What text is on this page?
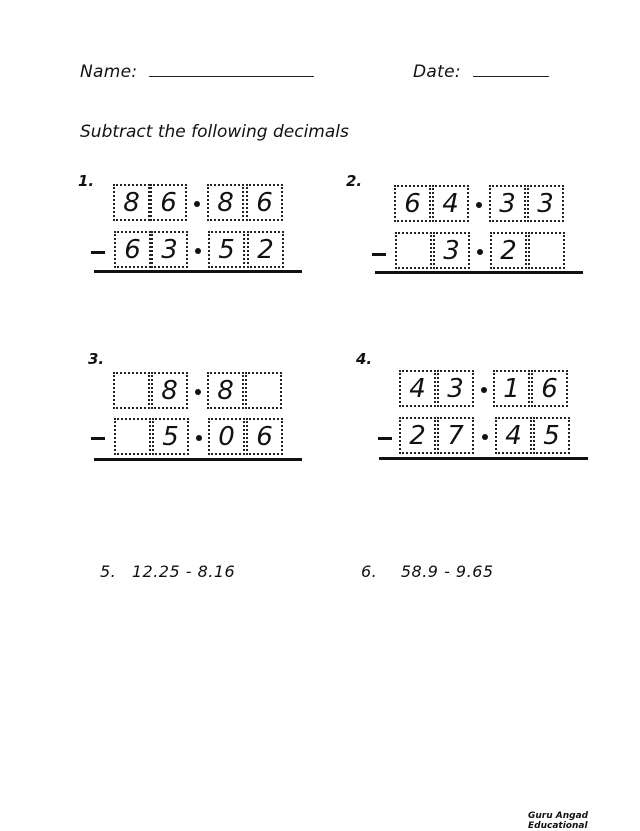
Name:	Date:
Subtract the following decimals
1.
8 6	8 6
6 3	5 2
2.
6 4	3 3
3	2
3.
8	8
5	0 6
4.
4 3	1 6
2 7	4 5
5. 12.25 - 8.16	6. 58.9 - 9.65
Guru Angad Educational
